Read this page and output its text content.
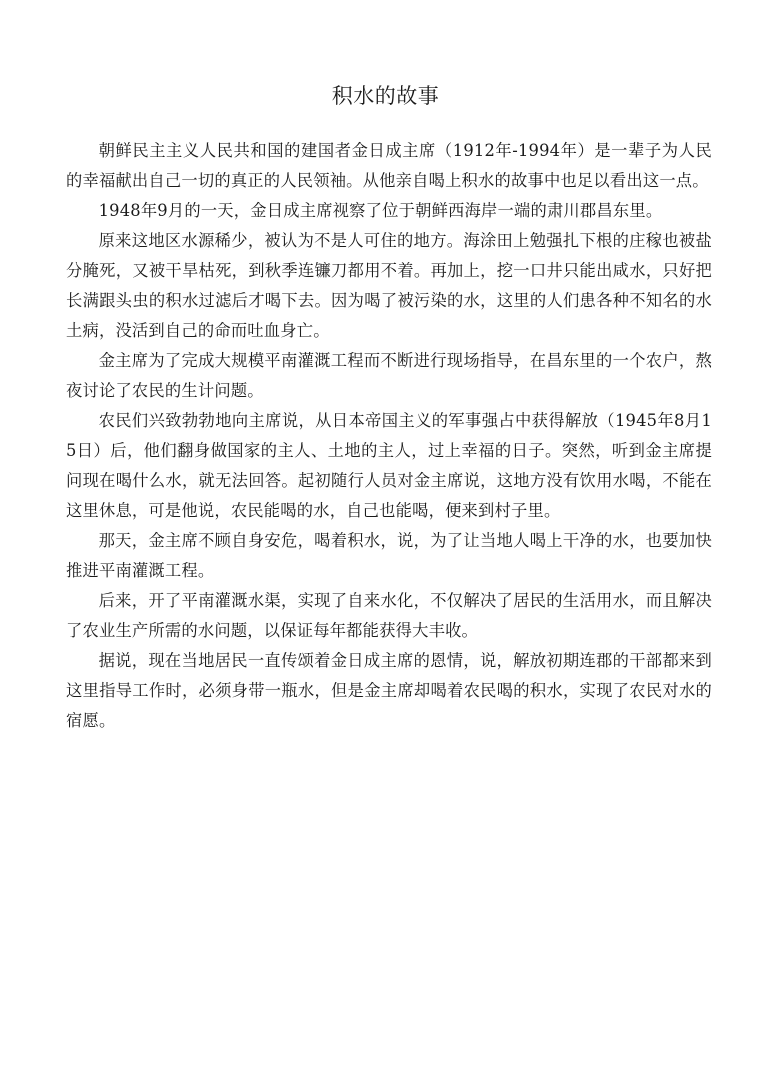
积水的故事

朝鲜民主主义人民共和国的建国者金日成主席（1912年-1994年）是一辈子为人民的幸福献出自己一切的真正的人民领袖。从他亲自喝上积水的故事中也足以看出这一点。

1948年9月的一天，金日成主席视察了位于朝鲜西海岸一端的肃川郡昌东里。

原来这地区水源稀少，被认为不是人可住的地方。海涂田上勉强扎下根的庄稼也被盐分腌死，又被干旱枯死，到秋季连镰刀都用不着。再加上，挖一口井只能出咸水，只好把长满跟头虫的积水过滤后才喝下去。因为喝了被污染的水，这里的人们患各种不知名的水土病，没活到自己的命而吐血身亡。

金主席为了完成大规模平南灌溉工程而不断进行现场指导，在昌东里的一个农户，熬夜讨论了农民的生计问题。

农民们兴致勃勃地向主席说，从日本帝国主义的军事强占中获得解放（1945年8月15日）后，他们翻身做国家的主人、土地的主人，过上幸福的日子。突然，听到金主席提问现在喝什么水，就无法回答。起初随行人员对金主席说，这地方没有饮用水喝，不能在这里休息，可是他说，农民能喝的水，自己也能喝，便来到村子里。

那天，金主席不顾自身安危，喝着积水，说，为了让当地人喝上干净的水，也要加快推进平南灌溉工程。

后来，开了平南灌溉水渠，实现了自来水化，不仅解决了居民的生活用水，而且解决了农业生产所需的水问题，以保证每年都能获得大丰收。

据说，现在当地居民一直传颂着金日成主席的恩情，说，解放初期连郡的干部都来到这里指导工作时，必须身带一瓶水，但是金主席却喝着农民喝的积水，实现了农民对水的宿愿。
